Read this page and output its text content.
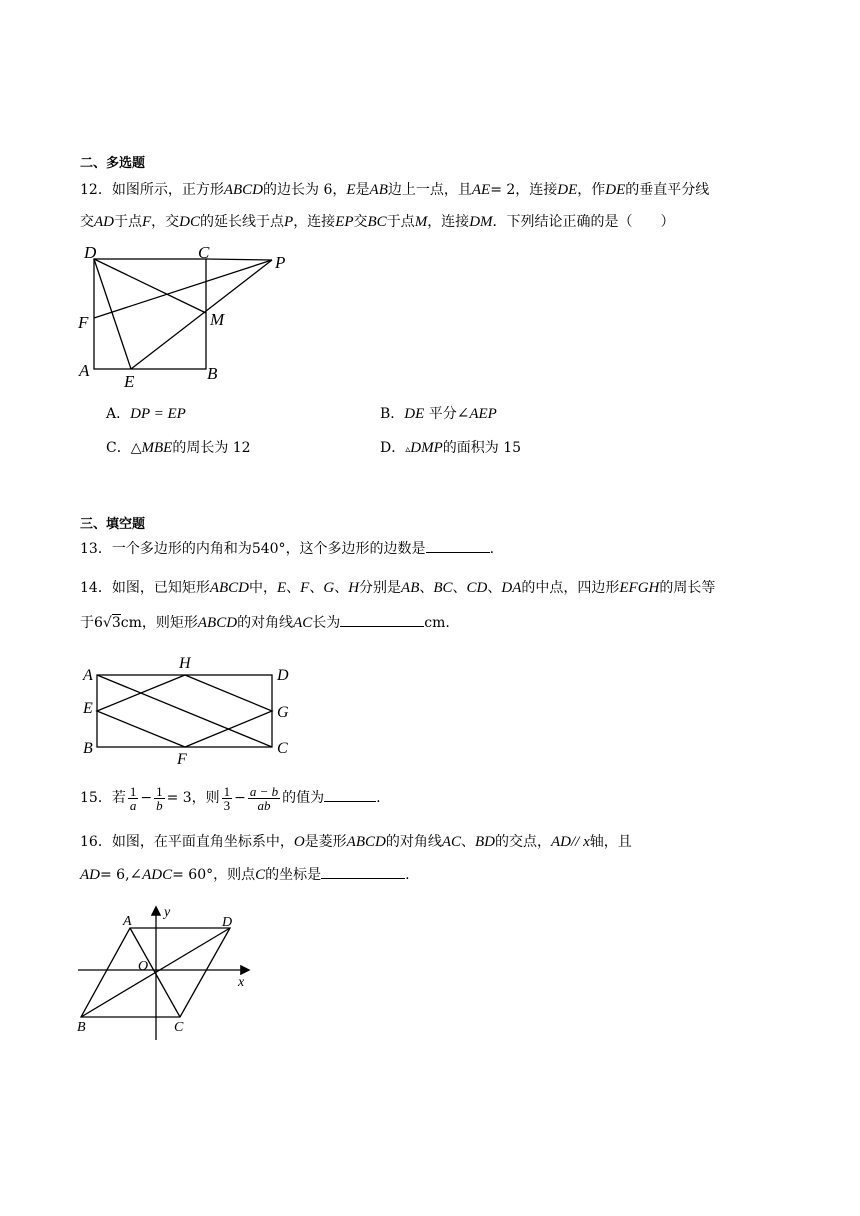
二、多选题
12．如图所示，正方形ABCD的边长为 6，E是AB边上一点，且AE= 2，连接DE，作DE的垂直平分线
交AD于点F，交DC的延长线于点P，连接EP交BC于点M，连接DM．下列结论正确的是（　　）
D	C
P
F	M
A
E	B
A．DP = EP	B．DE 平分∠AEP
C．△MBE的周长为 12	D．▵DMP的面积为 15
三、填空题
13．一个多边形的内角和为540°，这个多边形的边数是	.
14．如图，已知矩形ABCD中，E、F、G、H分别是AB、BC、CD、DA的中点，四边形EFGH的周长等
于6√3cm，则矩形ABCD的对角线AC长为	cm.
A
H
D
E	G
B
F
C
15．若 $\frac{1}{a} - \frac{1}{b} = 3$，则 $\frac{1}{3} - \frac{a - b}{ab}$ 的值为	.
16．如图，在平面直角坐标系中，O是菱形ABCD的对角线AC、BD的交点，AD// x轴，且
AD= 6,∠ADC= 60°，则点C的坐标是	.
A	D
O
B	C
x
y
